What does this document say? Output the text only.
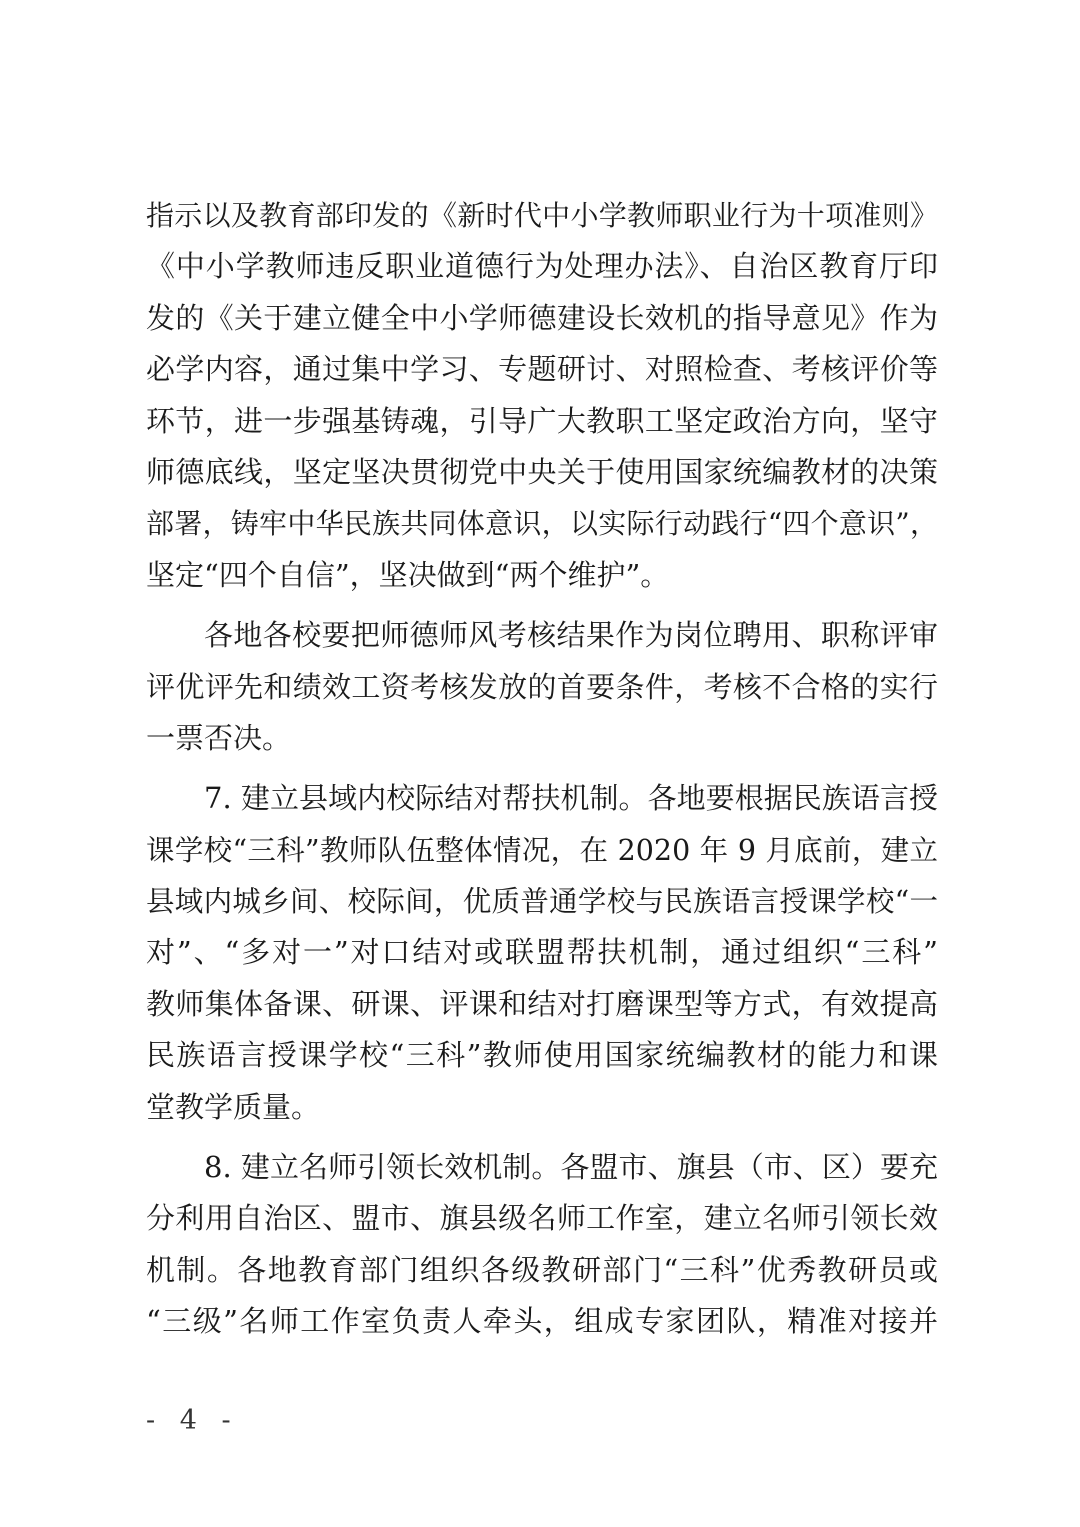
指示以及教育部印发的《新时代中小学教师职业行为十项准则》
《中小学教师违反职业道德行为处理办法》、自治区教育厅印
发的《关于建立健全中小学师德建设长效机的指导意见》作为
必学内容，通过集中学习、专题研讨、对照检查、考核评价等
环节，进一步强基铸魂，引导广大教职工坚定政治方向，坚守
师德底线，坚定坚决贯彻党中央关于使用国家统编教材的决策
部署，铸牢中华民族共同体意识，以实际行动践行“四个意识”，
坚定“四个自信”，坚决做到“两个维护”。
各地各校要把师德师风考核结果作为岗位聘用、职称评审
评优评先和绩效工资考核发放的首要条件，考核不合格的实行
一票否决。
7. 建立县域内校际结对帮扶机制。各地要根据民族语言授
课学校“三科”教师队伍整体情况，在 2020 年 9 月底前，建立
县域内城乡间、校际间，优质普通学校与民族语言授课学校“一
对”、“多对一”对口结对或联盟帮扶机制，通过组织“三科”
教师集体备课、研课、评课和结对打磨课型等方式，有效提高
民族语言授课学校“三科”教师使用国家统编教材的能力和课
堂教学质量。
8. 建立名师引领长效机制。各盟市、旗县（市、区）要充
分利用自治区、盟市、旗县级名师工作室，建立名师引领长效
机制。各地教育部门组织各级教研部门“三科”优秀教研员或
“三级”名师工作室负责人牵头，组成专家团队，精准对接并
- 4 -
